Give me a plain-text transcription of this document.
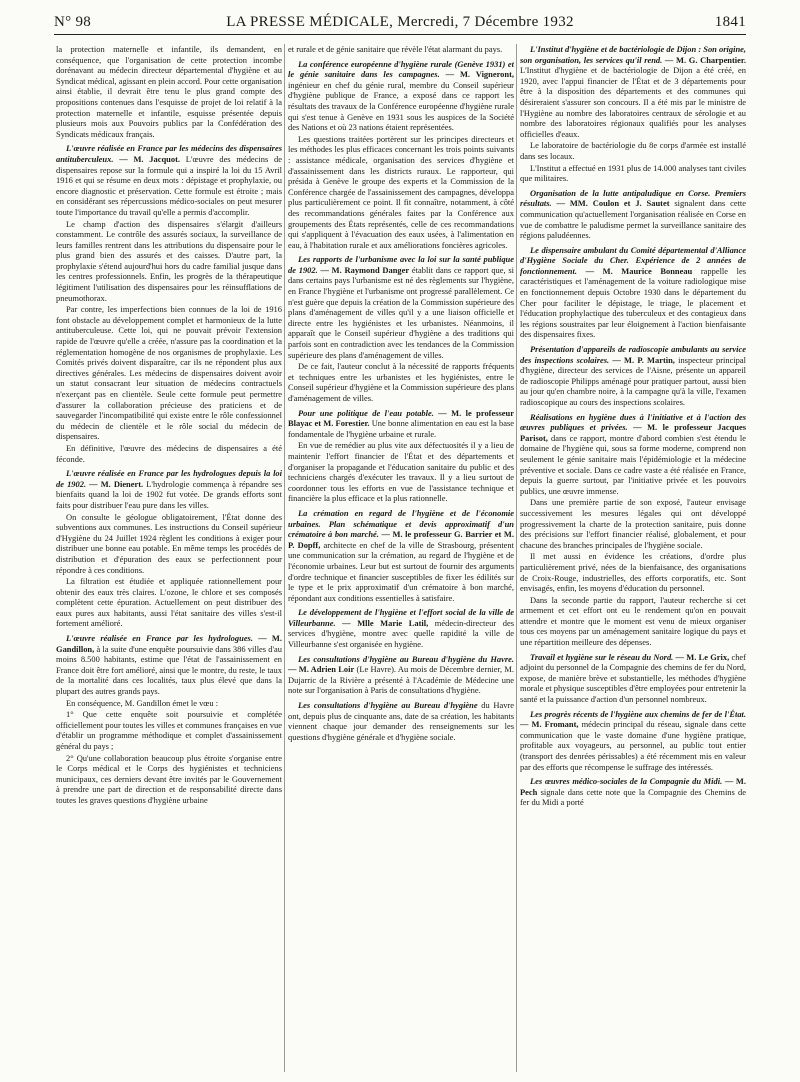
N° 98	LA PRESSE MÉDICALE, Mercredi, 7 Décembre 1932	1841

la protection maternelle et infantile, ils demandent, en conséquence, que l'organisation de cette protection incombe dorénavant au médecin directeur départemental d'hygiène et au Syndicat médical, agissant en plein accord. Pour cette organisation ainsi établie, il devrait être tenu le plus grand compte des propositions contenues dans l'esquisse de projet de loi relatif à la protection maternelle et infantile, esquisse présentée depuis plusieurs mois aux Pouvoirs publics par la Confédération des Syndicats médicaux français.

L'œuvre réalisée en France par les médecins des dispensaires antituberculeux. — M. Jacquot. L'œuvre des médecins de dispensaires repose sur la formule qui a inspiré la loi du 15 Avril 1916 et qui se résume en deux mots : dépistage et prophylaxie, ou encore diagnostic et préservation. Cette formule est étroite ; mais en considérant ses répercussions médico-sociales on peut mesurer toute l'importance du travail qu'elle a permis d'accomplir.

Le champ d'action des dispensaires s'élargit d'ailleurs constamment. Le contrôle des assurés sociaux, la surveillance de leurs familles rentrent dans les attributions du dispensaire pour le plus grand bien des assurés et des caisses. D'autre part, la prophylaxie s'étend aujourd'hui hors du cadre familial jusque dans les centres professionnels. Enfin, les progrès de la thérapeutique légitiment l'utilisation des dispensaires pour les réinsufflations de pneumothorax.

Par contre, les imperfections bien connues de la loi de 1916 font obstacle au développement complet et harmonieux de la lutte antituberculeuse. Cette loi, qui ne pouvait prévoir l'extension rapide de l'œuvre qu'elle a créée, n'assure pas la coordination et la réglementation homogène de nos organismes de prophylaxie. Les Comités privés doivent disparaître, car ils ne répondent plus aux directives générales. Les médecins de dispensaires doivent avoir un statut consacrant leur situation de médecins contractuels n'exerçant pas en clientèle. Seule cette formule peut permettre d'assurer la collaboration précieuse des praticiens et de sauvegarder l'incompatibilité qui existe entre le rôle confessionnel du médecin de clientèle et le rôle social du médecin de dispensaires.

En définitive, l'œuvre des médecins de dispensaires a été féconde.

L'œuvre réalisée en France par les hydrologues depuis la loi de 1902. — M. Dienert. L'hydrologie commença à répandre ses bienfaits quand la loi de 1902 fut votée. De grands efforts sont faits pour distribuer l'eau pure dans les villes.

On consulte le géologue obligatoirement, l'État donne des subventions aux communes. Les instructions du Conseil supérieur d'Hygiène du 24 Juillet 1924 règlent les conditions à exiger pour distribuer une bonne eau potable. En même temps les procédés de distribution et d'épuration des eaux se perfectionnent pour répondre à ces conditions.

La filtration est étudiée et appliquée rationnellement pour obtenir des eaux très claires. L'ozone, le chlore et ses composés complètent cette épuration. Actuellement on peut distribuer des eaux pures aux habitants, aussi l'état sanitaire des villes s'est-il fortement amélioré.

L'œuvre réalisée en France par les hydrologues. — M. Gandillon, à la suite d'une enquête poursuivie dans 386 villes d'au moins 8.500 habitants, estime que l'état de l'assainissement en France doit être fort amélioré, ainsi que le montre, du reste, le taux de la mortalité dans ces localités, taux plus élevé que dans la plupart des autres grands pays.

En conséquence, M. Gandillon émet le vœu :

1° Que cette enquête soit poursuivie et complétée officiellement pour toutes les villes et communes françaises en vue d'établir un programme méthodique et complet d'assainissement général du pays ;

2° Qu'une collaboration beaucoup plus étroite s'organise entre le Corps médical et le Corps des hygiénistes et techniciens municipaux, ces derniers devant être invités par le Gouvernement à prendre une part de direction et de responsabilité directe dans toutes les graves questions d'hygiène urbaine

et rurale et de génie sanitaire que révèle l'état alarmant du pays.

La conférence européenne d'hygiène rurale (Genève 1931) et le génie sanitaire dans les campagnes. — M. Vigneront, ingénieur en chef du génie rural, membre du Conseil supérieur d'hygiène publique de France, a exposé dans ce rapport les résultats des travaux de la Conférence européenne d'hygiène rurale qui s'est tenue à Genève en 1931 sous les auspices de la Société des Nations et où 23 nations étaient représentées.

Les questions traitées portèrent sur les principes directeurs et les méthodes les plus efficaces concernant les trois points suivants : assistance médicale, organisation des services d'hygiène et d'assainissement dans les districts ruraux. Le rapporteur, qui présida à Genève le groupe des experts et la Commission de la Conférence chargée de l'assainissement des campagnes, développa plus particulièrement ce point. Il fit connaître, notamment, à côté des recommandations générales faites par la Conférence aux groupements des États représentés, celle de ces recommandations qui s'appliquent à l'évacuation des eaux usées, à l'alimentation en eau, à l'habitation rurale et aux améliorations foncières agricoles.

Les rapports de l'urbanisme avec la loi sur la santé publique de 1902. — M. Raymond Danger établit dans ce rapport que, si dans certains pays l'urbanisme est né des règlements sur l'hygiène, en France l'hygiène et l'urbanisme ont progressé parallèlement. Ce n'est guère que depuis la création de la Commission supérieure des plans d'aménagement de villes qu'il y a une liaison officielle et directe entre les hygiénistes et les urbanistes. Néanmoins, il apparaît que le Conseil supérieur d'hygiène a des traditions qui parfois sont en contradiction avec les tendances de la Commission supérieure des plans d'aménagement de villes.

De ce fait, l'auteur conclut à la nécessité de rapports fréquents et techniques entre les urbanistes et les hygiénistes, entre le Conseil supérieur d'hygiène et la Commission supérieure des plans d'aménagement de villes.

Pour une politique de l'eau potable. — M. le professeur Blayac et M. Forestier. Une bonne alimentation en eau est la base fondamentale de l'hygiène urbaine et rurale.

En vue de remédier au plus vite aux défectuosités il y a lieu de maintenir l'effort financier de l'État et des départements et d'organiser la propagande et l'éducation sanitaire du public et des techniciens chargés d'exécuter les travaux. Il y a lieu surtout de coordonner tous les efforts en vue de l'assistance technique et financière la plus efficace et la plus rationnelle.

La crémation en regard de l'hygiène et de l'économie urbaines. Plan schématique et devis approximatif d'un crématoire à bon marché. — M. le professeur G. Barrier et M. P. Dopff, architecte en chef de la ville de Strasbourg, présentent une communication sur la crémation, au regard de l'hygiène et de l'économie urbaines. Leur but est surtout de fournir des arguments d'ordre technique et financier susceptibles de fixer les édilités sur le type et le prix approximatif d'un crématoire à bon marché, répondant aux conditions essentielles à satisfaire.

Le développement de l'hygiène et l'effort social de la ville de Villeurbanne. — Mlle Marie Latil, médecin-directeur des services d'hygiène, montre avec quelle rapidité la ville de Villeurbanne s'est organisée en hygiène.

Les consultations d'hygiène au Bureau d'hygiène du Havre. — M. Adrien Loir (Le Havre). Au mois de Décembre dernier, M. Dujarric de la Rivière a présenté à l'Académie de Médecine une note sur l'organisation à Paris de consultations d'hygiène.

Les consultations d'hygiène au Bureau d'hygiène du Havre ont, depuis plus de cinquante ans, date de sa création, les habitants viennent chaque jour demander des renseignements sur les questions d'hygiène générale et d'hygiène sociale.

L'Institut d'hygiène et de bactériologie de Dijon : Son origine, son organisation, les services qu'il rend. — M. G. Charpentier. L'Institut d'hygiène et de bactériologie de Dijon a été créé, en 1920, avec l'appui financier de l'État et de 3 départements pour être à la disposition des départements et des communes qui désireraient s'assurer son concours. Il a été mis par le ministre de l'Hygiène au nombre des laboratoires centraux de sérologie et au nombre des laboratoires régionaux qualifiés pour les analyses officielles d'eaux.

Le laboratoire de bactériologie du 8e corps d'armée est installé dans ses locaux.

L'Institut a effectué en 1931 plus de 14.000 analyses tant civiles que militaires.

Organisation de la lutte antipaludique en Corse. Premiers résultats. — MM. Coulon et J. Sautet signalent dans cette communication qu'actuellement l'organisation réalisée en Corse en vue de combattre le paludisme permet la surveillance sanitaire des régions paludéennes.

Le dispensaire ambulant du Comité départemental d'Alliance d'Hygiène Sociale du Cher. Expérience de 2 années de fonctionnement. — M. Maurice Bonneau rappelle les caractéristiques et l'aménagement de la voiture radiologique mise en fonctionnement depuis Octobre 1930 dans le département du Cher pour faciliter le dépistage, le triage, le placement et l'éducation prophylactique des tuberculeux et des contagieux dans les régions soustraites par leur éloignement à l'action bienfaisante des dispensaires fixes.

Présentation d'appareils de radioscopie ambulants au service des inspections scolaires. — M. P. Martin, inspecteur principal d'hygiène, directeur des services de l'Aisne, présente un appareil de radioscopie Philipps aménagé pour pratiquer partout, aussi bien au jour qu'en chambre noire, à la campagne qu'à la ville, l'examen radioscopique au cours des inspections scolaires.

Réalisations en hygiène dues à l'initiative et à l'action des œuvres publiques et privées. — M. le professeur Jacques Parisot, dans ce rapport, montre d'abord combien s'est étendu le domaine de l'hygiène qui, sous sa forme moderne, comprend non seulement le génie sanitaire mais l'épidémiologie et la médecine préventive et sociale. Dans ce cadre vaste a été réalisée en France, depuis la guerre surtout, par l'initiative privée et les pouvoirs publics, une œuvre immense.

Dans une première partie de son exposé, l'auteur envisage successivement les mesures légales qui ont développé progressivement la charte de la protection sanitaire, puis donne des précisions sur l'effort financier réalisé, globalement, et pour chacune des branches principales de l'hygiène sociale.

Il met aussi en évidence les créations, d'ordre plus particulièrement privé, nées de la bienfaisance, des organisations de Croix-Rouge, industrielles, des efforts corporatifs, etc. Sont envisagés, enfin, les moyens d'éducation du personnel.

Dans la seconde partie du rapport, l'auteur recherche si cet armement et cet effort ont eu le rendement qu'on en pouvait attendre et montre que le moment est venu de mieux organiser tous ces moyens par un aménagement sanitaire logique du pays et une répartition meilleure des dépenses.

Travail et hygiène sur le réseau du Nord. — M. Le Grix, chef adjoint du personnel de la Compagnie des chemins de fer du Nord, expose, de manière brève et substantielle, les méthodes d'hygiène morale et physique susceptibles d'être employées pour entretenir la santé et la puissance d'action d'un personnel nombreux.

Les progrès récents de l'hygiène aux chemins de fer de l'État. — M. Fromant, médecin principal du réseau, signale dans cette communication que le vaste domaine d'une hygiène pratique, profitable aux voyageurs, au personnel, au public tout entier (transport des denrées périssables) a été récemment mis en valeur par des efforts que récompense le suffrage des intéressés.

Les œuvres médico-sociales de la Compagnie du Midi. — M. Pech signale dans cette note que la Compagnie des Chemins de fer du Midi a porté
